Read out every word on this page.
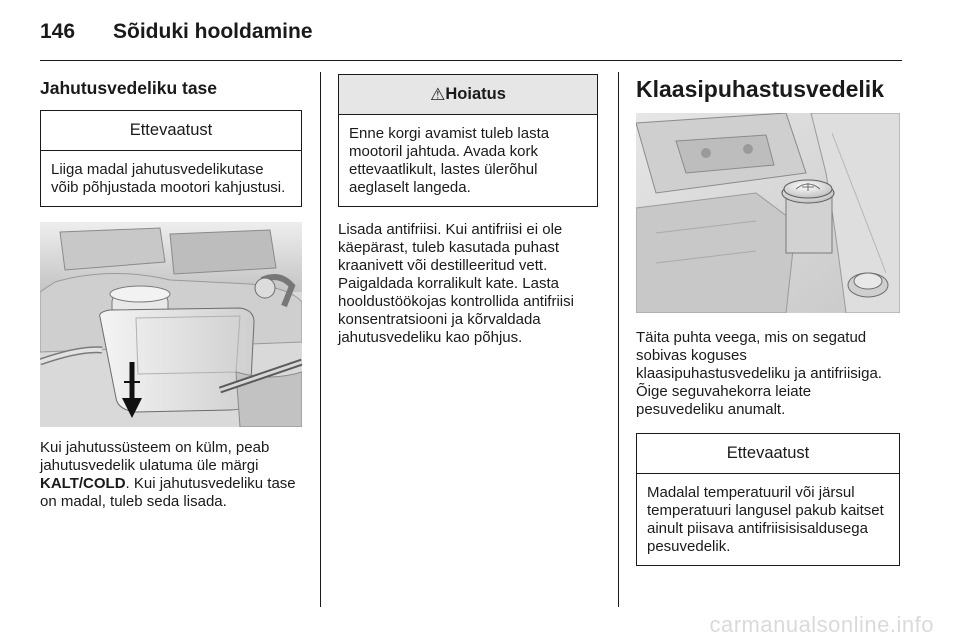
146 Sõiduki hooldamine
Jahutusvedeliku tase
Ettevaatust
Liiga madal jahutusvedelikutase võib põhjustada mootori kahjustusi.
Kui jahutussüsteem on külm, peab jahutusvedelik ulatuma üle märgi KALT/COLD. Kui jahutusvedeliku tase on madal, tuleb seda lisada.
⚠Hoiatus
Enne korgi avamist tuleb lasta mootoril jahtuda. Avada kork ettevaatlikult, lastes ülerõhul aeglaselt langeda.
Lisada antifriisi. Kui antifriisi ei ole käepärast, tuleb kasutada puhast kraanivett või destilleeritud vett. Paigaldada korralikult kate. Lasta hooldustöökojas kontrollida antifriisi konsentratsiooni ja kõrvaldada jahutusvedeliku kao põhjus.
Klaasipuhastusvedelik
Täita puhta veega, mis on segatud sobivas koguses klaasipuhastusvedeliku ja antifriisiga. Õige seguvahekorra leiate pesuvedeliku anumalt.
Ettevaatust
Madalal temperatuuril või järsul temperatuuri langusel pakub kaitset ainult piisava antifriisisisaldusega pesuvedelik.
carmanualsonline.info
